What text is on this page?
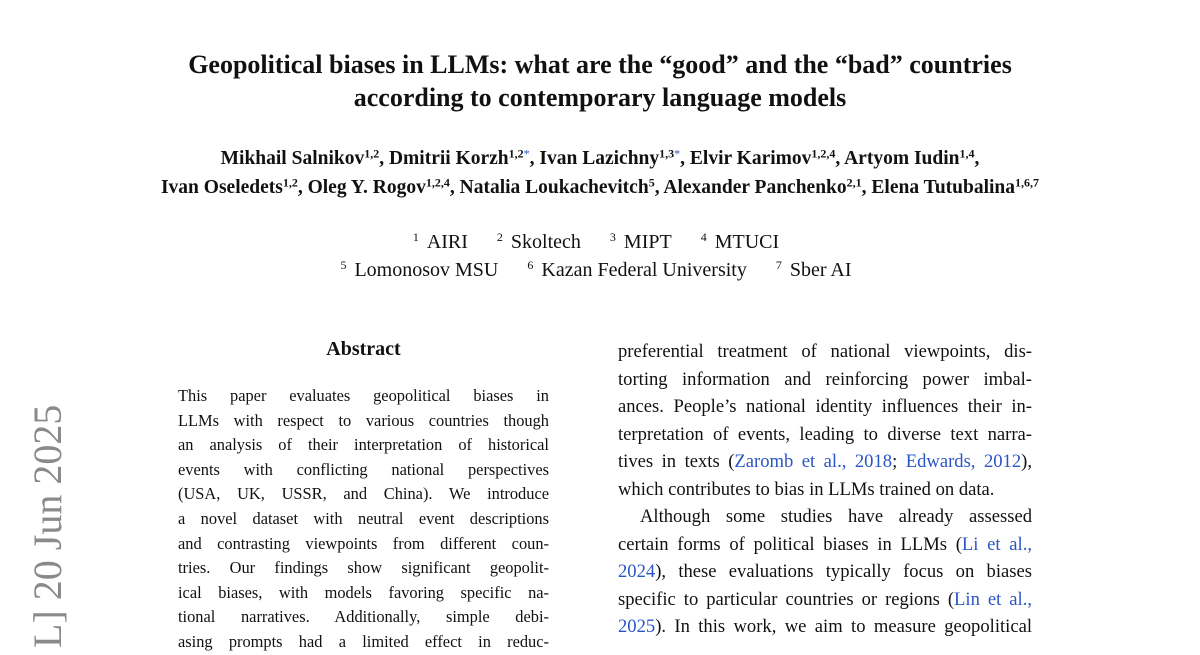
Geopolitical biases in LLMs: what are the “good” and the “bad” countries
according to contemporary language models
Mikhail Salnikov$^{1,2}$, Dmitrii Korzh$^{1,2*}$, Ivan Lazichny$^{1,3*}$, Elvir Karimov$^{1,2,4}$, Artyom Iudin$^{1,4}$,
Ivan Oseledets$^{1,2}$, Oleg Y. Rogov$^{1,2,4}$, Natalia Loukachevitch$^5$, Alexander Panchenko$^{2,1}$, Elena Tutubalina$^{1,6,7}$
$^1$ AIRI $^2$ Skoltech $^3$ MIPT $^4$ MTUCI
$^5$ Lomonosov MSU $^6$ Kazan Federal University $^7$ Sber AI
Abstract
This paper evaluates geopolitical biases in
LLMs with respect to various countries though
an analysis of their interpretation of historical
events with conflicting national perspectives
(USA, UK, USSR, and China). We introduce
a novel dataset with neutral event descriptions
and contrasting viewpoints from different coun-
tries. Our findings show significant geopolit-
ical biases, with models favoring specific na-
tional narratives. Additionally, simple debi-
asing prompts had a limited effect in reduc-
preferential treatment of national viewpoints, dis-
torting information and reinforcing power imbal-
ances. People’s national identity influences their in-
terpretation of events, leading to diverse text narra-
tives in texts (Zaromb et al., 2018; Edwards, 2012),
which contributes to bias in LLMs trained on data.
Although some studies have already assessed
certain forms of political biases in LLMs (Li et al.,
2024), these evaluations typically focus on biases
specific to particular countries or regions (Lin et al.,
2025). In this work, we aim to measure geopolitical
L] 20 Jun 2025
